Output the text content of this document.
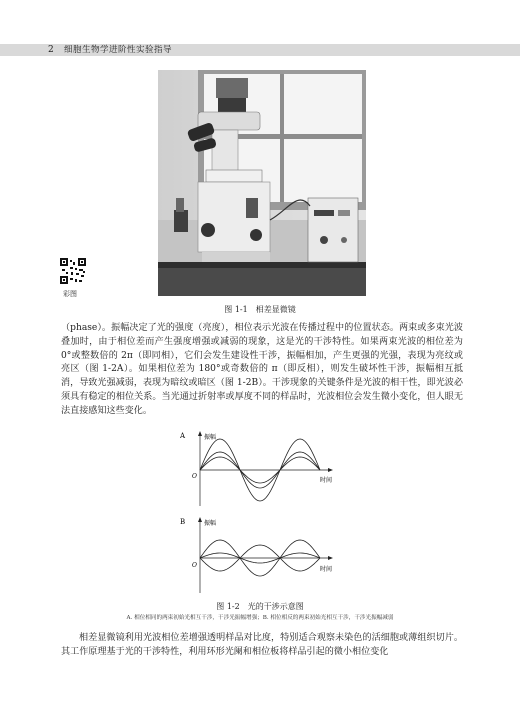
2 细胞生物学进阶性实验指导
彩图
图 1-1　相差显微镜

（phase）。振幅决定了光的强度（亮度），相位表示光波在传播过程中的位置状态。两束或多束光波叠加时，由于相位差而产生强度增强或减弱的现象，这是光的干涉特性。如果两束光波的相位差为 0°或整数倍的 2π（即同相），它们会发生建设性干涉，振幅相加，产生更强的光强，表现为亮纹或亮区（图 1-2A）。如果相位差为 180°或奇数倍的 π（即反相），则发生破坏性干涉，振幅相互抵消，导致光强减弱，表现为暗纹或暗区（图 1-2B）。干涉现象的关键条件是光波的相干性，即光波必须具有稳定的相位关系。当光通过折射率或厚度不同的样品时，光波相位会发生微小变化，但人眼无法直接感知这些变化。

A	振幅
O
时间
B	振幅
O
时间
图 1-2　光的干涉示意图
A. 相位相同的两束初始光相互干涉，干涉光振幅增强；B. 相位相反的两束初始光相互干涉，干涉光振幅减弱

相差显微镜利用光波相位差增强透明样品对比度，特别适合观察未染色的活细胞或薄组织切片。其工作原理基于光的干涉特性，利用环形光阑和相位板将样品引起的微小相位变化
